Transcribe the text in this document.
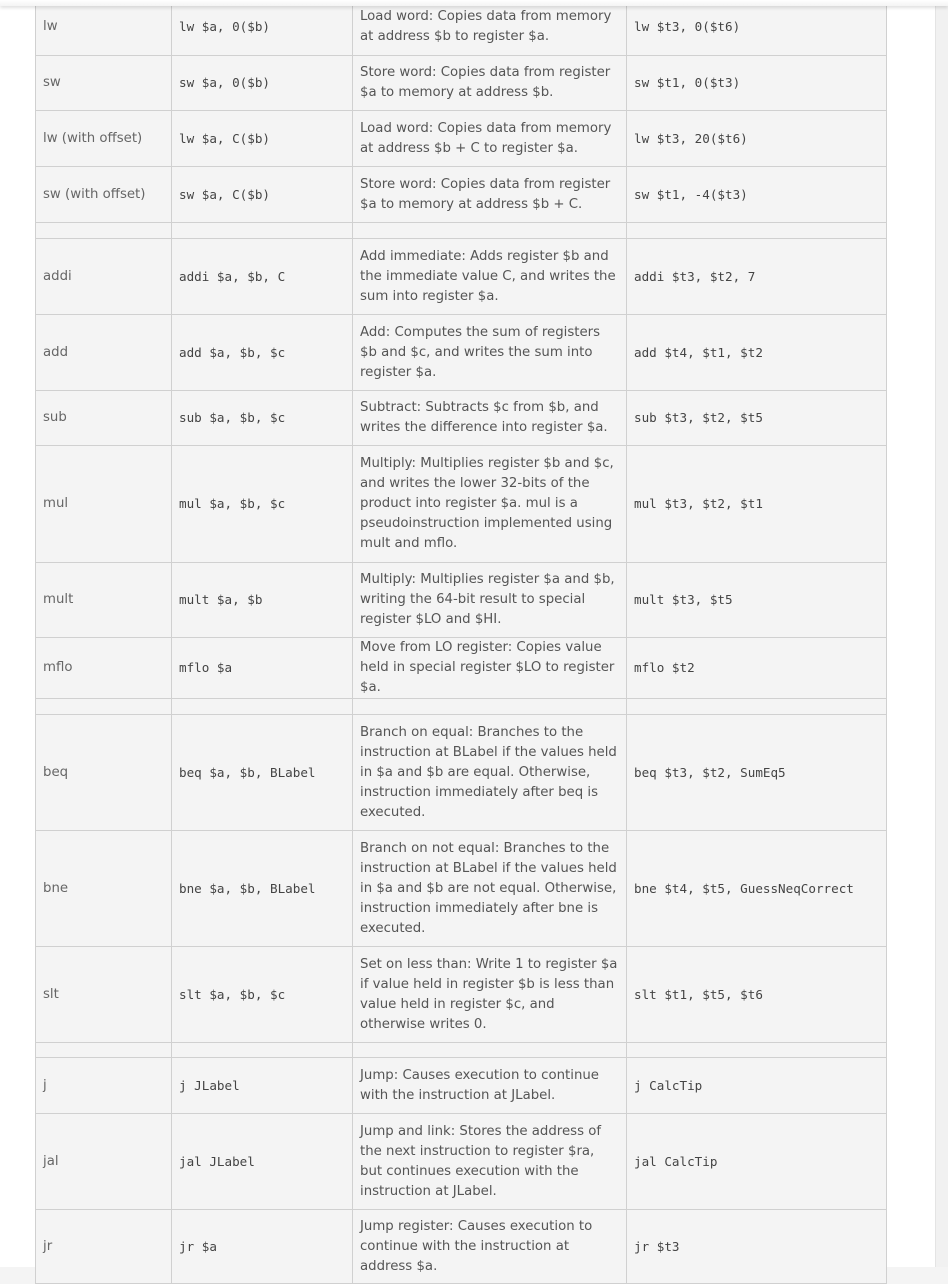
lw	lw $a, 0($b)	Load word: Copies data from memory at address $b to register $a.	lw $t3, 0($t6)
sw	sw $a, 0($b)	Store word: Copies data from register $a to memory at address $b.	sw $t1, 0($t3)
lw (with offset)	lw $a, C($b)	Load word: Copies data from memory at address $b + C to register $a.	lw $t3, 20($t6)
sw (with offset)	sw $a, C($b)	Store word: Copies data from register $a to memory at address $b + C.	sw $t1, -4($t3)

addi	addi $a, $b, C	Add immediate: Adds register $b and the immediate value C, and writes the sum into register $a.	addi $t3, $t2, 7
add	add $a, $b, $c	Add: Computes the sum of registers $b and $c, and writes the sum into register $a.	add $t4, $t1, $t2
sub	sub $a, $b, $c	Subtract: Subtracts $c from $b, and writes the difference into register $a.	sub $t3, $t2, $t5
mul	mul $a, $b, $c	Multiply: Multiplies register $b and $c, and writes the lower 32-bits of the product into register $a. mul is a pseudoinstruction implemented using mult and mflo.	mul $t3, $t2, $t1
mult	mult $a, $b	Multiply: Multiplies register $a and $b, writing the 64-bit result to special register $LO and $HI.	mult $t3, $t5
mflo	mflo $a	Move from LO register: Copies value held in special register $LO to register $a.	mflo $t2

beq	beq $a, $b, BLabel	Branch on equal: Branches to the instruction at BLabel if the values held in $a and $b are equal. Otherwise, instruction immediately after beq is executed.	beq $t3, $t2, SumEq5
bne	bne $a, $b, BLabel	Branch on not equal: Branches to the instruction at BLabel if the values held in $a and $b are not equal. Otherwise, instruction immediately after bne is executed.	bne $t4, $t5, GuessNeqCorrect
slt	slt $a, $b, $c	Set on less than: Write 1 to register $a if value held in register $b is less than value held in register $c, and otherwise writes 0.	slt $t1, $t5, $t6

j	j JLabel	Jump: Causes execution to continue with the instruction at JLabel.	j CalcTip
jal	jal JLabel	Jump and link: Stores the address of the next instruction to register $ra, but continues execution with the instruction at JLabel.	jal CalcTip
jr	jr $a	Jump register: Causes execution to continue with the instruction at address $a.	jr $t3
